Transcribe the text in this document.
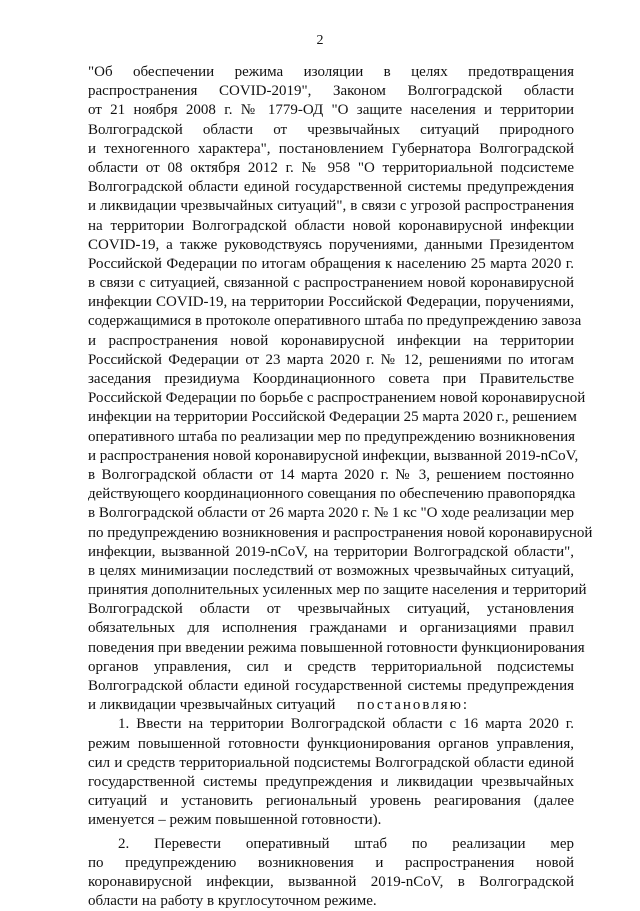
2
"Об обеспечении режима изоляции в целях предотвращения
распространения COVID-2019", Законом Волгоградской области
от 21 ноября 2008 г. № 1779-ОД "О защите населения и территории
Волгоградской области от чрезвычайных ситуаций природного
и техногенного характера", постановлением Губернатора Волгоградской
области от 08 октября 2012 г. № 958 "О территориальной подсистеме
Волгоградской области единой государственной системы предупреждения
и ликвидации чрезвычайных ситуаций", в связи с угрозой распространения
на территории Волгоградской области новой коронавирусной инфекции
COVID-19, а также руководствуясь поручениями, данными Президентом
Российской Федерации по итогам обращения к населению 25 марта 2020 г.
в связи с ситуацией, связанной с распространением новой коронавирусной
инфекции COVID-19, на территории Российской Федерации, поручениями,
содержащимися в протоколе оперативного штаба по предупреждению завоза
и распространения новой коронавирусной инфекции на территории
Российской Федерации от 23 марта 2020 г. № 12, решениями по итогам
заседания президиума Координационного совета при Правительстве
Российской Федерации по борьбе с распространением новой коронавирусной
инфекции на территории Российской Федерации 25 марта 2020 г., решением
оперативного штаба по реализации мер по предупреждению возникновения
и распространения новой коронавирусной инфекции, вызванной 2019-nCoV,
в Волгоградской области от 14 марта 2020 г. № 3, решением постоянно
действующего координационного совещания по обеспечению правопорядка
в Волгоградской области от 26 марта 2020 г. № 1 кс "О ходе реализации мер
по предупреждению возникновения и распространения новой коронавирусной
инфекции, вызванной 2019-nCoV, на территории Волгоградской области",
в целях минимизации последствий от возможных чрезвычайных ситуаций,
принятия дополнительных усиленных мер по защите населения и территорий
Волгоградской области от чрезвычайных ситуаций, установления
обязательных для исполнения гражданами и организациями правил
поведения при введении режима повышенной готовности функционирования
органов управления, сил и средств территориальной подсистемы
Волгоградской области единой государственной системы предупреждения
и ликвидации чрезвычайных ситуаций постановляю:
1. Ввести на территории Волгоградской области с 16 марта 2020 г.
режим повышенной готовности функционирования органов управления,
сил и средств территориальной подсистемы Волгоградской области единой
государственной системы предупреждения и ликвидации чрезвычайных
ситуаций и установить региональный уровень реагирования (далее
именуется – режим повышенной готовности).
2. Перевести оперативный штаб по реализации мер
по предупреждению возникновения и распространения новой
коронавирусной инфекции, вызванной 2019-nCoV, в Волгоградской
области на работу в круглосуточном режиме.
